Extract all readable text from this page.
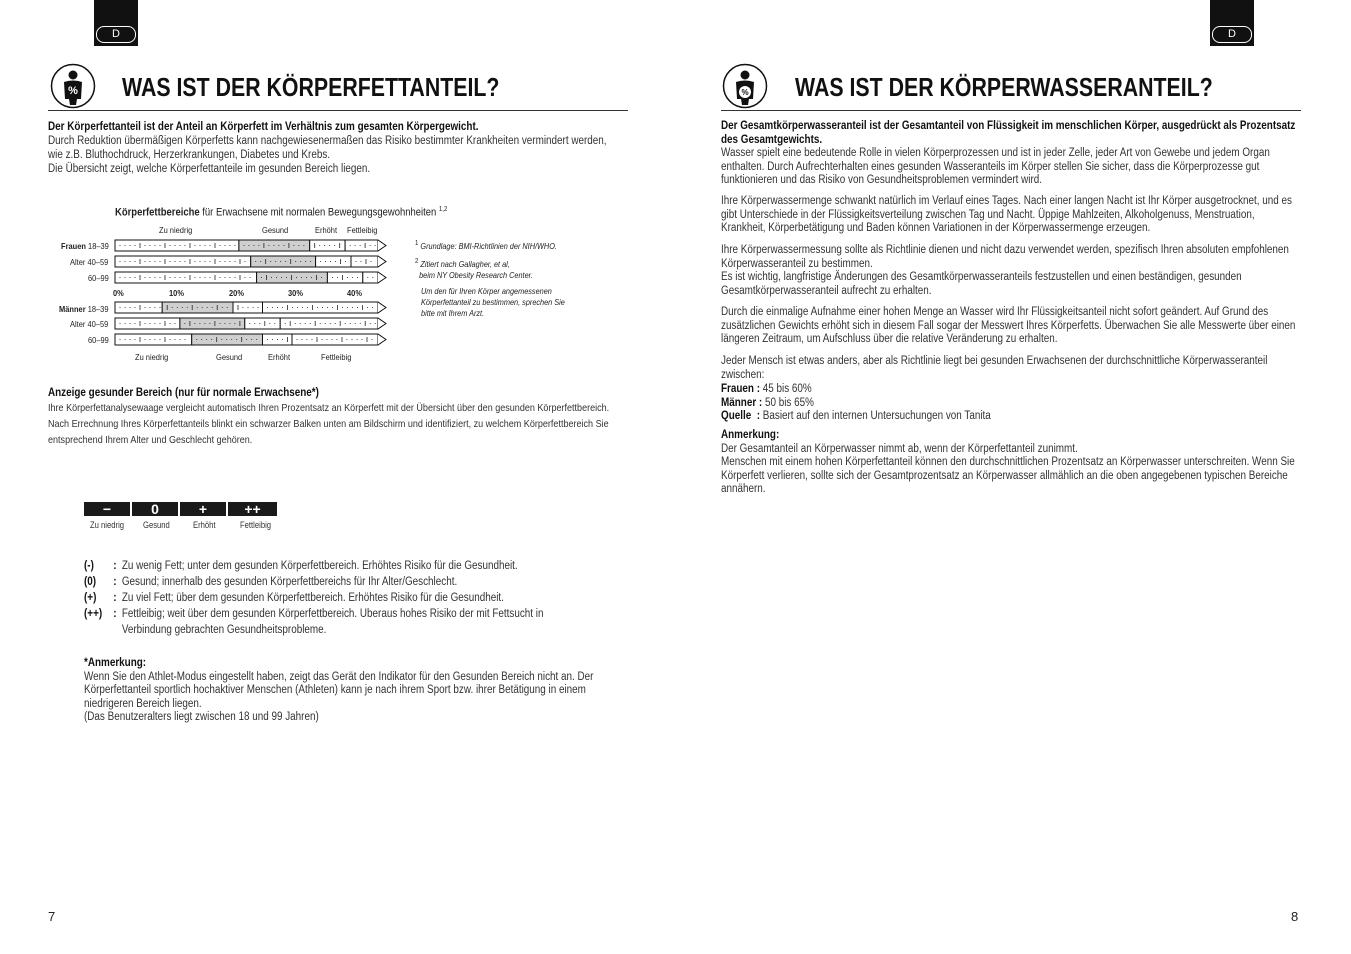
D
% WAS IST DER KÖRPERFETTANTEIL?
Der Körperfettanteil ist der Anteil an Körperfett im Verhältnis zum gesamten Körpergewicht.
Durch Reduktion übermäßigen Körperfetts kann nachgewiesenermaßen das Risiko bestimmter Krankheiten vermindert werden, wie z.B. Bluthochdruck, Herzerkrankungen, Diabetes und Krebs.
Die Übersicht zeigt, welche Körperfettanteile im gesunden Bereich liegen.
Körperfettbereiche für Erwachsene mit normalen Bewegungsgewohnheiten $^{1,2}$
Zu niedrig	Gesund	Erhöht Fettleibig
Frauen 18–39
Alter 40–59
60–99
Männer 18–39
Alter 40–59
60–99
0%	10%	20%	30%	40%
Zu niedrig	Gesund	Erhöht	Fettleibig
$^1$ Grundlage: BMI-Richtlinien der NIH/WHO.
$^2$ Zitiert nach Gallagher, et al,
beim NY Obesity Research Center.
Um den für Ihren Körper angemessenen Körperfettanteil zu bestimmen, sprechen Sie bitte mit Ihrem Arzt.
Anzeige gesunder Bereich (nur für normale Erwachsene*)
Ihre Körperfettanalysewaage vergleicht automatisch Ihren Prozentsatz an Körperfett mit der Übersicht über den gesunden Körperfettbereich.
Nach Errechnung Ihres Körperfettanteils blinkt ein schwarzer Balken unten am Bildschirm und identifiziert, zu welchem Körperfettbereich Sie entsprechend Ihrem Alter und Geschlecht gehören.
−	0	+	++
Zu niedrig Gesund	Erhöht	Fettleibig
(-) : Zu wenig Fett; unter dem gesunden Körperfettbereich. Erhöhtes Risiko für die Gesundheit.
(0) : Gesund; innerhalb des gesunden Körperfettbereichs für Ihr Alter/Geschlecht.
(+) : Zu viel Fett; über dem gesunden Körperfettbereich. Erhöhtes Risiko für die Gesundheit.
(++) : Fettleibig; weit über dem gesunden Körperfettbereich. Überaus hohes Risiko der mit Fettsucht in
Verbindung gebrachten Gesundheitsprobleme.
*Anmerkung:
Wenn Sie den Athlet-Modus eingestellt haben, zeigt das Gerät den Indikator für den Gesunden Bereich nicht an. Der Körperfettanteil sportlich hochaktiver Menschen (Athleten) kann je nach ihrem Sport bzw. ihrer Betätigung in einem niedrigeren Bereich liegen.
(Das Benutzeralters liegt zwischen 18 und 99 Jahren)
7
D
% WAS IST DER KÖRPERWASSERANTEIL?
Der Gesamtkörperwasseranteil ist der Gesamtanteil von Flüssigkeit im menschlichen Körper, ausgedrückt als Prozentsatz des Gesamtgewichts.
Wasser spielt eine bedeutende Rolle in vielen Körperprozessen und ist in jeder Zelle, jeder Art von Gewebe und jedem Organ enthalten. Durch Aufrechterhalten eines gesunden Wasseranteils im Körper stellen Sie sicher, dass die Körperprozesse gut funktionieren und das Risiko von Gesundheitsproblemen vermindert wird.
Ihre Körperwassermenge schwankt natürlich im Verlauf eines Tages. Nach einer langen Nacht ist Ihr Körper ausgetrocknet, und es gibt Unterschiede in der Flüssigkeitsverteilung zwischen Tag und Nacht. Üppige Mahlzeiten, Alkoholgenuss, Menstruation, Krankheit, Körperbetätigung und Baden können Variationen in der Körperwassermenge erzeugen.
Ihre Körperwassermessung sollte als Richtlinie dienen und nicht dazu verwendet werden, spezifisch Ihren absoluten empfohlenen Körperwasseranteil zu bestimmen.
Es ist wichtig, langfristige Änderungen des Gesamtkörperwasseranteils festzustellen und einen beständigen, gesunden Gesamtkörperwasseranteil aufrecht zu erhalten.
Durch die einmalige Aufnahme einer hohen Menge an Wasser wird Ihr Flüssigkeitsanteil nicht sofort geändert. Auf Grund des zusätzlichen Gewichts erhöht sich in diesem Fall sogar der Messwert Ihres Körperfetts. Überwachen Sie alle Messwerte über einen längeren Zeitraum, um Aufschluss über die relative Veränderung zu erhalten.
Jeder Mensch ist etwas anders, aber als Richtlinie liegt bei gesunden Erwachsenen der durchschnittliche Körperwasseranteil zwischen:
Frauen : 45 bis 60%
Männer : 50 bis 65%
Quelle  : Basiert auf den internen Untersuchungen von Tanita
Anmerkung:
Der Gesamtanteil an Körperwasser nimmt ab, wenn der Körperfettanteil zunimmt.
Menschen mit einem hohen Körperfettanteil können den durchschnittlichen Prozentsatz an Körperwasser unterschreiten. Wenn Sie Körperfett verlieren, sollte sich der Gesamtprozentsatz an Körperwasser allmählich an die oben angegebenen typischen Bereiche annähern.
8
